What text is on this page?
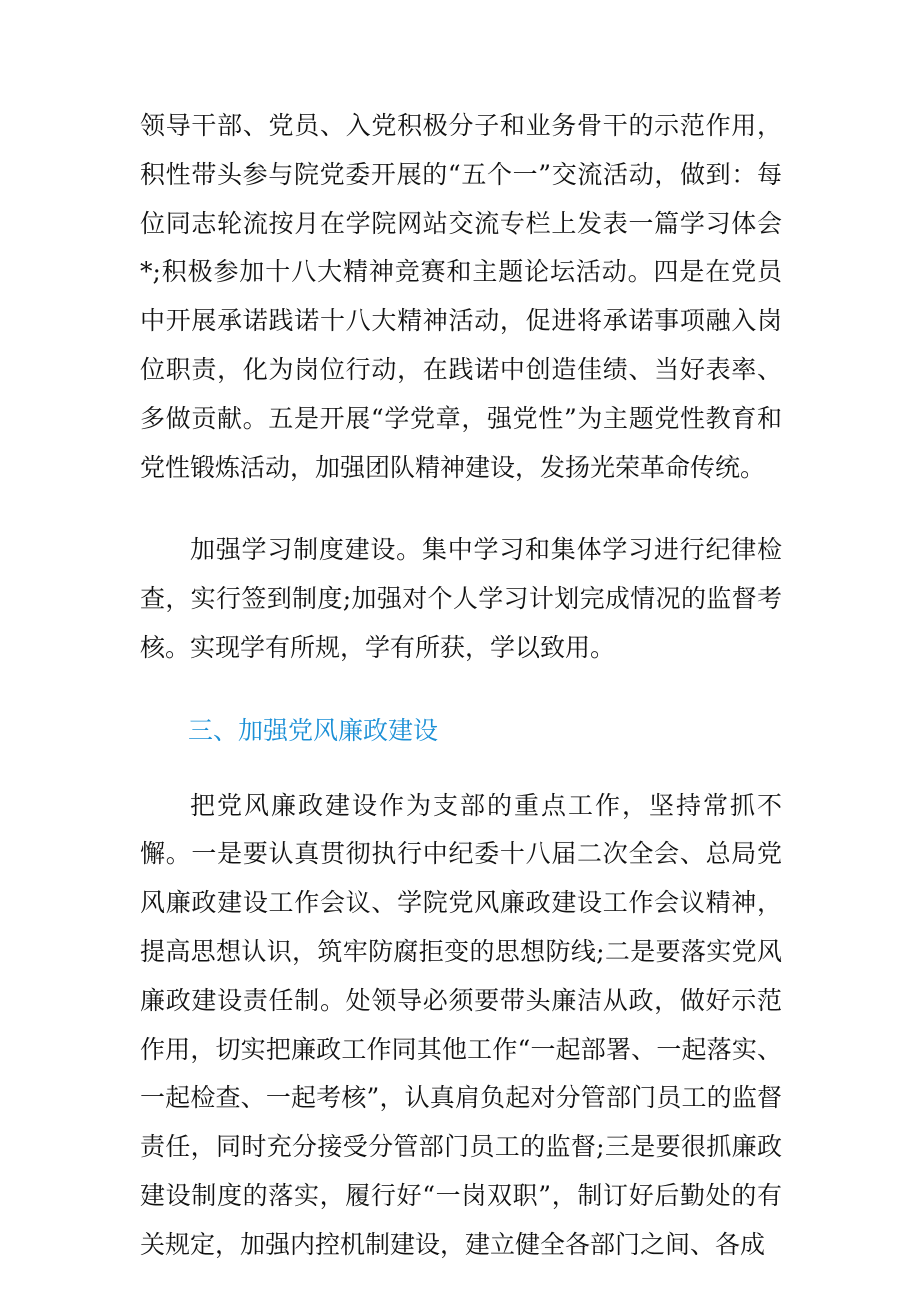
领导干部、党员、入党积极分子和业务骨干的示范作用，积性带头参与院党委开展的“五个一”交流活动，做到：每位同志轮流按月在学院网站交流专栏上发表一篇学习体会*;积极参加十八大精神竞赛和主题论坛活动。四是在党员中开展承诺践诺十八大精神活动，促进将承诺事项融入岗位职责，化为岗位行动，在践诺中创造佳绩、当好表率、多做贡献。五是开展“学党章，强党性”为主题党性教育和党性锻炼活动，加强团队精神建设，发扬光荣革命传统。

加强学习制度建设。集中学习和集体学习进行纪律检查，实行签到制度;加强对个人学习计划完成情况的监督考核。实现学有所规，学有所获，学以致用。

三、加强党风廉政建设

把党风廉政建设作为支部的重点工作，坚持常抓不懈。一是要认真贯彻执行中纪委十八届二次全会、总局党风廉政建设工作会议、学院党风廉政建设工作会议精神，提高思想认识，筑牢防腐拒变的思想防线;二是要落实党风廉政建设责任制。处领导必须要带头廉洁从政，做好示范作用，切实把廉政工作同其他工作“一起部署、一起落实、一起检查、一起考核”，认真肩负起对分管部门员工的监督责任，同时充分接受分管部门员工的监督;三是要很抓廉政建设制度的落实，履行好“一岗双职”，制订好后勤处的有关规定，加强内控机制建设，建立健全各部门之间、各成
